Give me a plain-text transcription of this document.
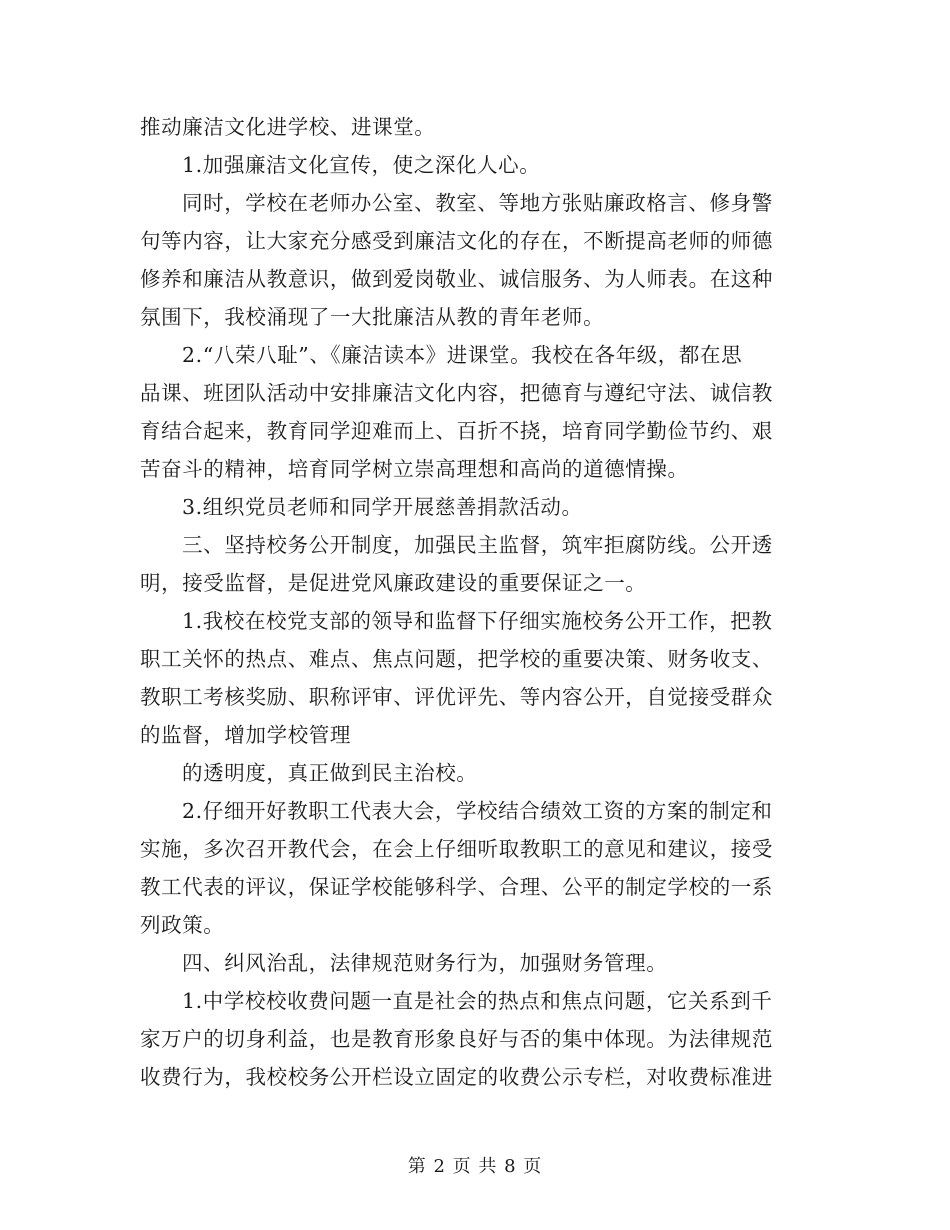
推动廉洁文化进学校、进课堂。
1.加强廉洁文化宣传，使之深化人心。
同时，学校在老师办公室、教室、等地方张贴廉政格言、修身警
句等内容，让大家充分感受到廉洁文化的存在，不断提高老师的师德
修养和廉洁从教意识，做到爱岗敬业、诚信服务、为人师表。在这种
氛围下，我校涌现了一大批廉洁从教的青年老师。
2.“八荣八耻”、《廉洁读本》进课堂。我校在各年级，都在思
品课、班团队活动中安排廉洁文化内容，把德育与遵纪守法、诚信教
育结合起来，教育同学迎难而上、百折不挠，培育同学勤俭节约、艰
苦奋斗的精神，培育同学树立崇高理想和高尚的道德情操。
3.组织党员老师和同学开展慈善捐款活动。
三、坚持校务公开制度，加强民主监督，筑牢拒腐防线。公开透
明，接受监督，是促进党风廉政建设的重要保证之一。
1.我校在校党支部的领导和监督下仔细实施校务公开工作，把教
职工关怀的热点、难点、焦点问题，把学校的重要决策、财务收支、
教职工考核奖励、职称评审、评优评先、等内容公开，自觉接受群众
的监督，增加学校管理
的透明度，真正做到民主治校。
2.仔细开好教职工代表大会，学校结合绩效工资的方案的制定和
实施，多次召开教代会，在会上仔细听取教职工的意见和建议，接受
教工代表的评议，保证学校能够科学、合理、公平的制定学校的一系
列政策。
四、纠风治乱，法律规范财务行为，加强财务管理。
1.中学校校收费问题一直是社会的热点和焦点问题，它关系到千
家万户的切身利益，也是教育形象良好与否的集中体现。为法律规范
收费行为，我校校务公开栏设立固定的收费公示专栏，对收费标准进
第 2 页 共 8 页
